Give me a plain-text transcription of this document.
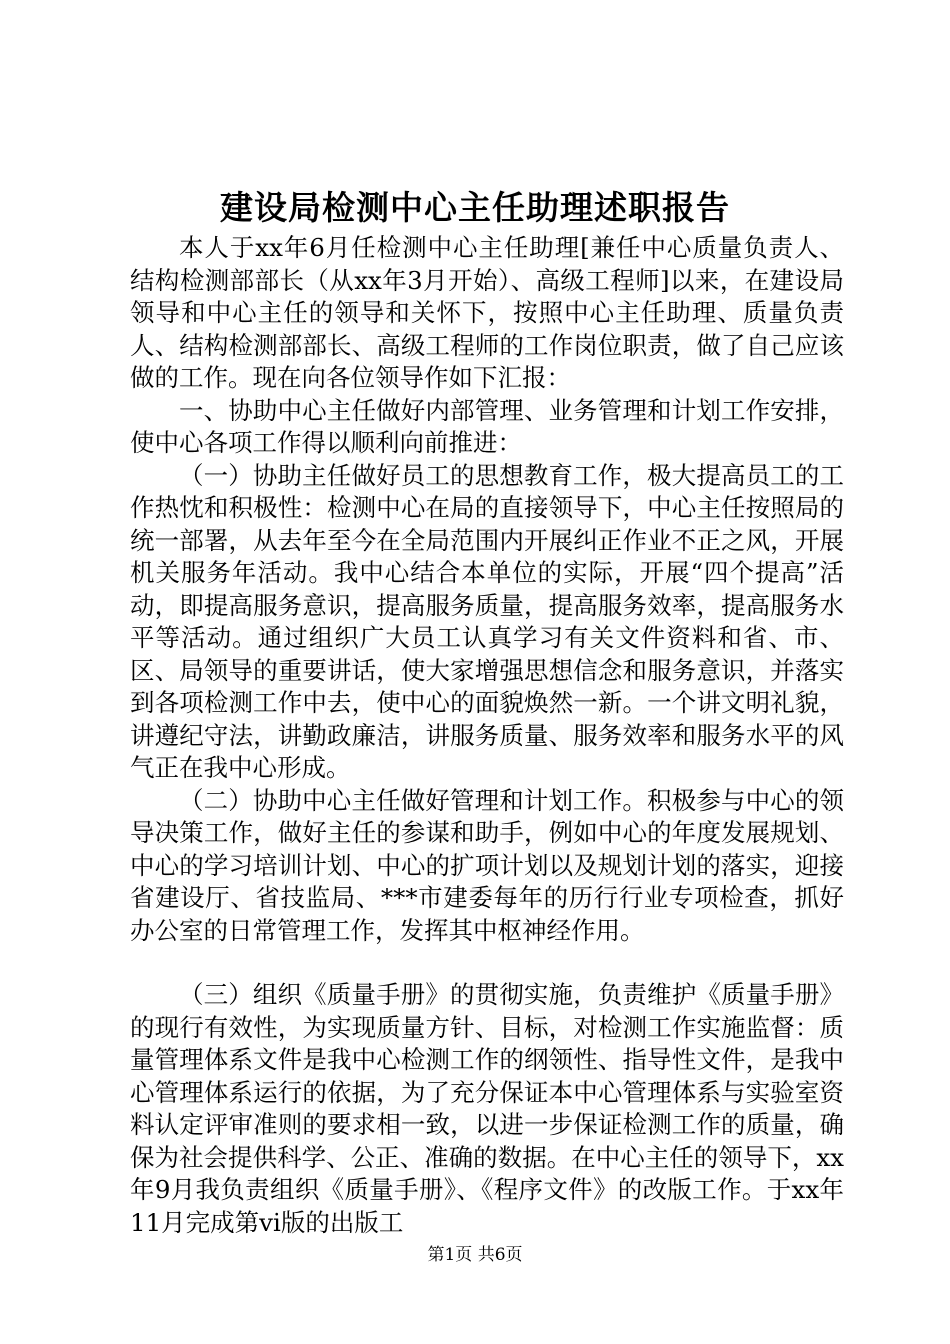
建设局检测中心主任助理述职报告

本人于xx年6月任检测中心主任助理[兼任中心质量负责人、结构检测部部长（从xx年3月开始）、高级工程师]以来，在建设局领导和中心主任的领导和关怀下，按照中心主任助理、质量负责人、结构检测部部长、高级工程师的工作岗位职责，做了自己应该做的工作。现在向各位领导作如下汇报：

一、协助中心主任做好内部管理、业务管理和计划工作安排，使中心各项工作得以顺利向前推进：

（一）协助主任做好员工的思想教育工作，极大提高员工的工作热忱和积极性：检测中心在局的直接领导下，中心主任按照局的统一部署，从去年至今在全局范围内开展纠正作业不正之风，开展机关服务年活动。我中心结合本单位的实际，开展“四个提高”活动，即提高服务意识，提高服务质量，提高服务效率，提高服务水平等活动。通过组织广大员工认真学习有关文件资料和省、市、区、局领导的重要讲话，使大家增强思想信念和服务意识，并落实到各项检测工作中去，使中心的面貌焕然一新。一个讲文明礼貌，讲遵纪守法，讲勤政廉洁，讲服务质量、服务效率和服务水平的风气正在我中心形成。

（二）协助中心主任做好管理和计划工作。积极参与中心的领导决策工作，做好主任的参谋和助手，例如中心的年度发展规划、中心的学习培训计划、中心的扩项计划以及规划计划的落实，迎接省建设厅、省技监局、***市建委每年的历行行业专项检查，抓好办公室的日常管理工作，发挥其中枢神经作用。

（三）组织《质量手册》的贯彻实施，负责维护《质量手册》的现行有效性，为实现质量方针、目标，对检测工作实施监督：质量管理体系文件是我中心检测工作的纲领性、指导性文件，是我中心管理体系运行的依据，为了充分保证本中心管理体系与实验室资料认定评审准则的要求相一致，以进一步保证检测工作的质量，确保为社会提供科学、公正、准确的数据。在中心主任的领导下，xx年9月我负责组织《质量手册》、《程序文件》的改版工作。于xx年11月完成第vi版的出版工

第1页 共6页
